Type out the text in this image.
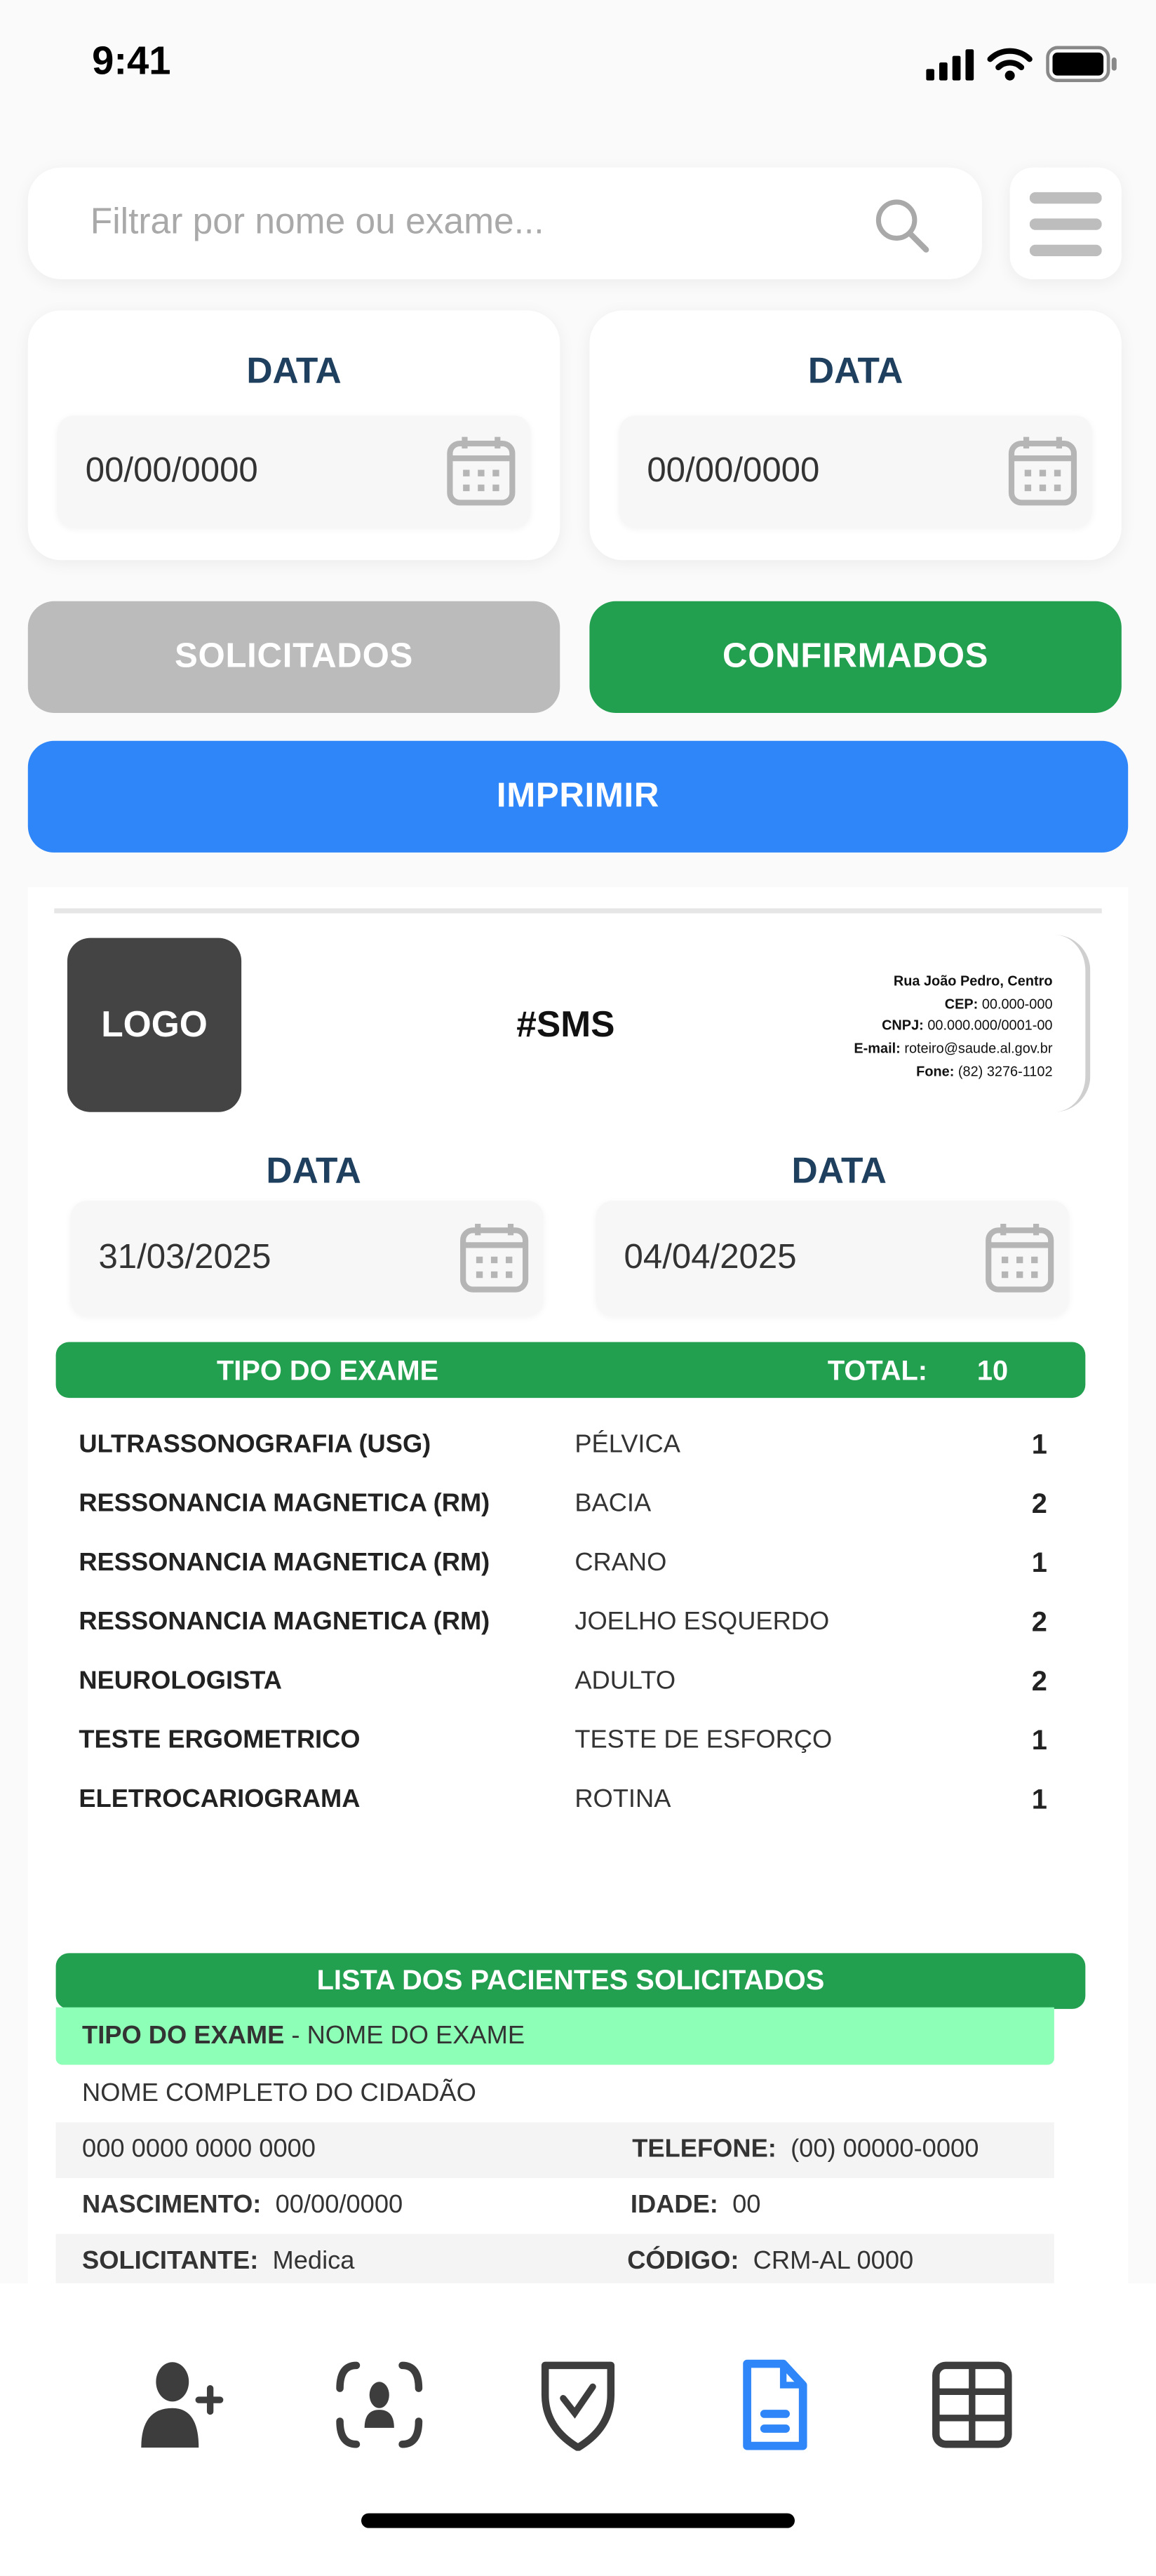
9:41
Filtrar por nome ou exame...
DATA
00/00/0000
DATA
00/00/0000
SOLICITADOS	CONFIRMADOS
IMPRIMIR
LOGO	#SMS
Rua João Pedro, Centro
CEP: 00.000-000
CNPJ: 00.000.000/0001-00
E-mail: roteiro@saude.al.gov.br
Fone: (82) 3276-1102
DATA
31/03/2025
DATA
04/04/2025
TIPO DO EXAME	TOTAL:	10
ULTRASSONOGRAFIA (USG)	PÉLVICA	1
RESSONANCIA MAGNETICA (RM)	BACIA	2
RESSONANCIA MAGNETICA (RM)	CRANO	1
RESSONANCIA MAGNETICA (RM)	JOELHO ESQUERDO	2
NEUROLOGISTA	ADULTO	2
TESTE ERGOMETRICO	TESTE DE ESFORÇO	1
ELETROCARIOGRAMA	ROTINA	1
LISTA DOS PACIENTES SOLICITADOS
TIPO DO EXAME - NOME DO EXAME
NOME COMPLETO DO CIDADÃO
000 0000 0000 0000	TELEFONE: (00) 00000-0000
NASCIMENTO: 00/00/0000	IDADE: 00
SOLICITANTE: Medica	CÓDIGO: CRM-AL 0000
